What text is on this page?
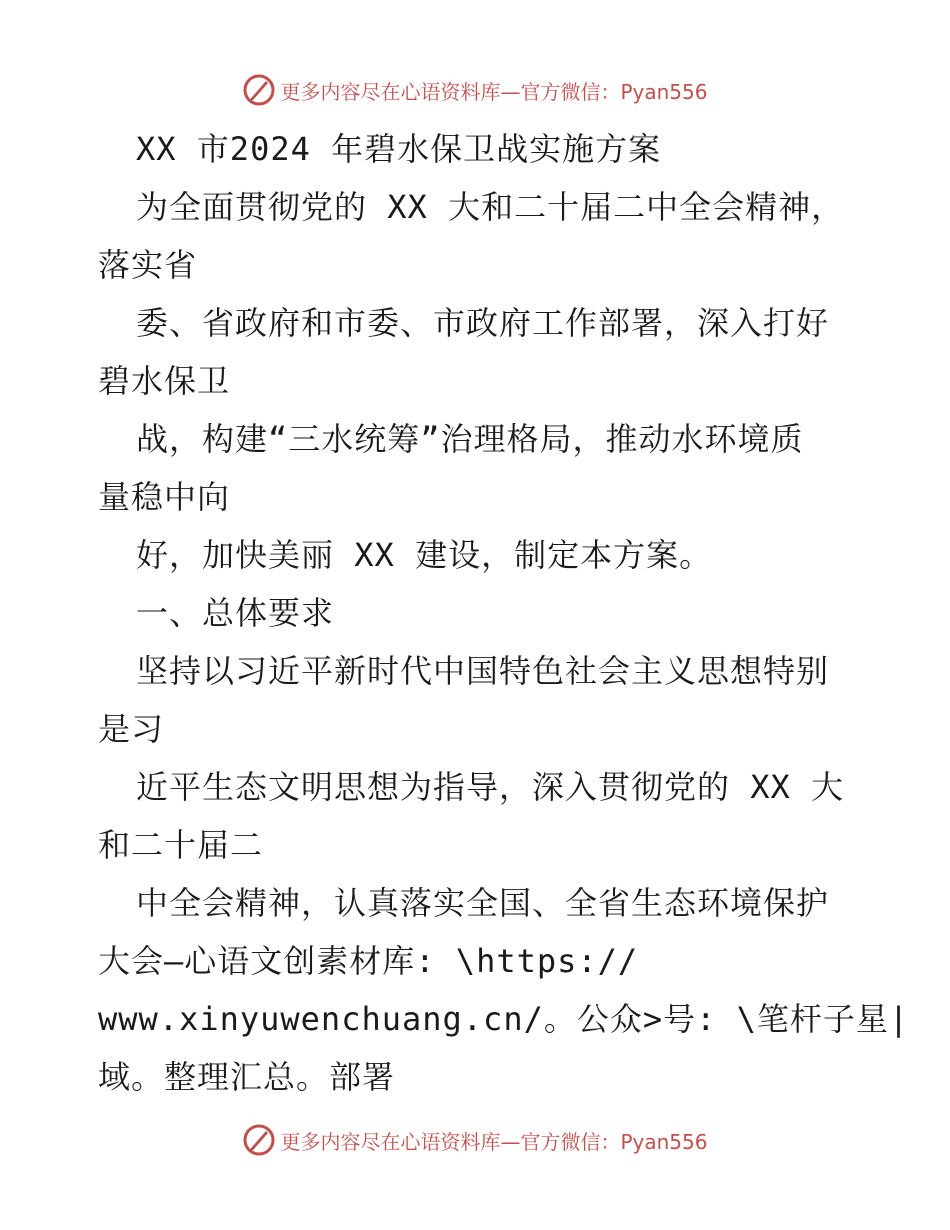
更多内容尽在心语资料库—官方微信：Pyan556
XX 市2024 年碧水保卫战实施方案
为全面贯彻党的 XX 大和二十届二中全会精神，
落实省
委、省政府和市委、市政府工作部署，深入打好
碧水保卫
战，构建“三水统筹”治理格局，推动水环境质
量稳中向
好，加快美丽 XX 建设，制定本方案。
一、总体要求
坚持以习近平新时代中国特色社会主义思想特别
是习
近平生态文明思想为指导，深入贯彻党的 XX 大
和二十届二
中全会精神，认真落实全国、全省生态环境保护
大会—心语文创素材库: \https://
www.xinyuwenchuang.cn/。公众>号: \笔杆子星|
域。整理汇总。部署
更多内容尽在心语资料库—官方微信：Pyan556
